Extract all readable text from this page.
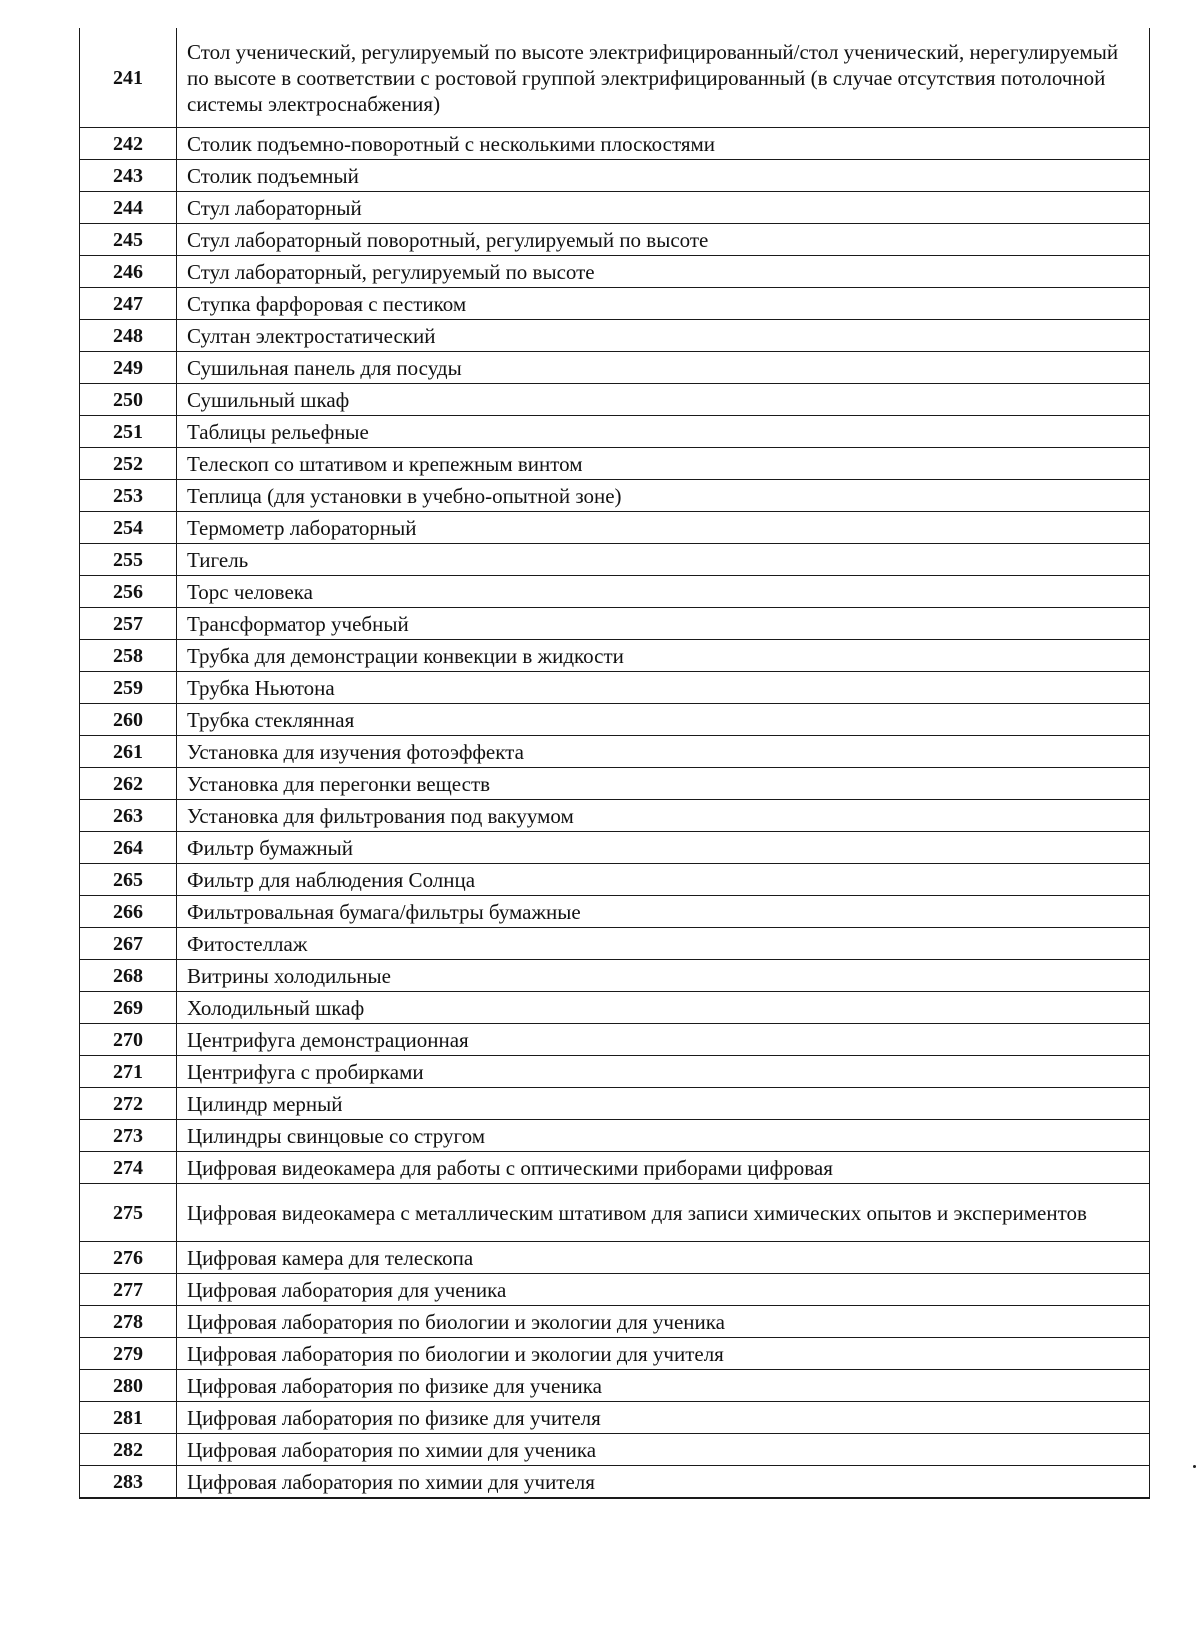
241	Стол ученический, регулируемый по высоте электрифицированный/стол ученический, нерегулируемый по высоте в соответствии с ростовой группой электрифицированный (в случае отсутствия потолочной системы электроснабжения)
242	Столик подъемно-поворотный с несколькими плоскостями
243	Столик подъемный
244	Стул лабораторный
245	Стул лабораторный поворотный, регулируемый по высоте
246	Стул лабораторный, регулируемый по высоте
247	Ступка фарфоровая с пестиком
248	Султан электростатический
249	Сушильная панель для посуды
250	Сушильный шкаф
251	Таблицы рельефные
252	Телескоп со штативом и крепежным винтом
253	Теплица (для установки в учебно-опытной зоне)
254	Термометр лабораторный
255	Тигель
256	Торс человека
257	Трансформатор учебный
258	Трубка для демонстрации конвекции в жидкости
259	Трубка Ньютона
260	Трубка стеклянная
261	Установка для изучения фотоэффекта
262	Установка для перегонки веществ
263	Установка для фильтрования под вакуумом
264	Фильтр бумажный
265	Фильтр для наблюдения Солнца
266	Фильтровальная бумага/фильтры бумажные
267	Фитостеллаж
268	Витрины холодильные
269	Холодильный шкаф
270	Центрифуга демонстрационная
271	Центрифуга с пробирками
272	Цилиндр мерный
273	Цилиндры свинцовые со стругом
274	Цифровая видеокамера для работы с оптическими приборами цифровая
275	Цифровая видеокамера с металлическим штативом для записи химических опытов и экспериментов
276	Цифровая камера для телескопа
277	Цифровая лаборатория для ученика
278	Цифровая лаборатория по биологии и экологии для ученика
279	Цифровая лаборатория по биологии и экологии для учителя
280	Цифровая лаборатория по физике для ученика
281	Цифровая лаборатория по физике для учителя
282	Цифровая лаборатория по химии для ученика
283	Цифровая лаборатория по химии для учителя
